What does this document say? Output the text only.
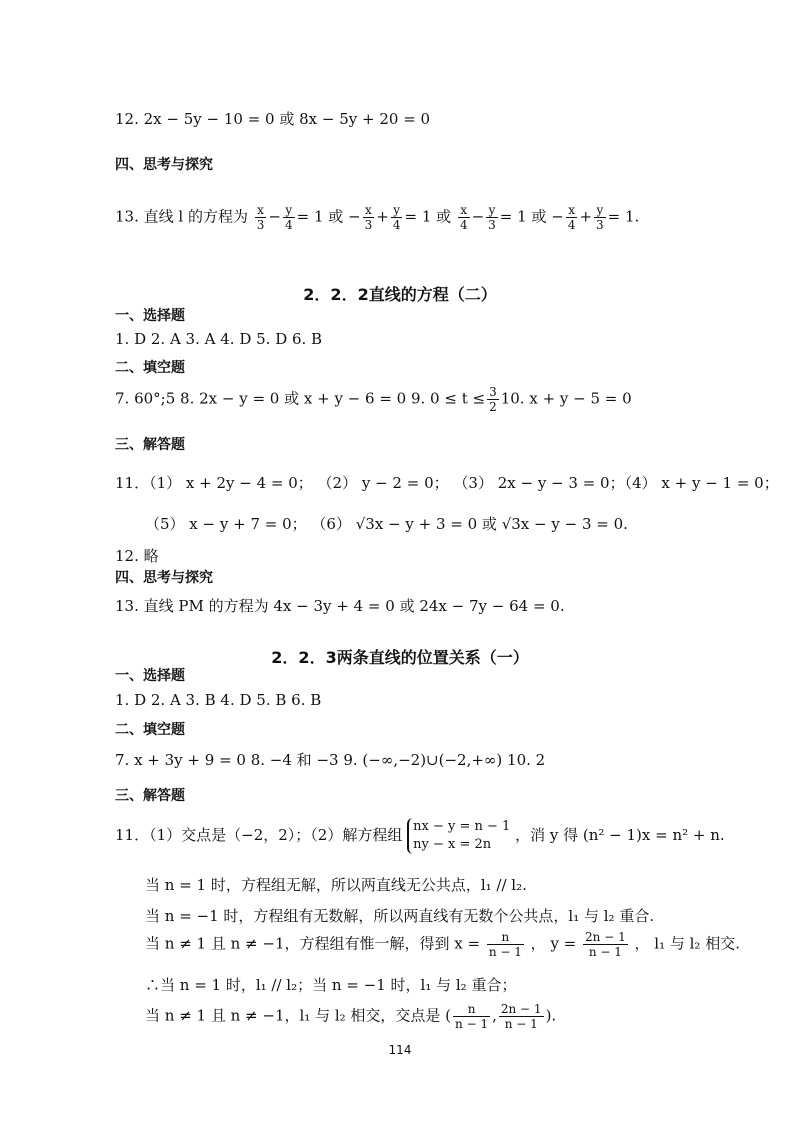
12. 2x − 5y − 10 = 0 或 8x − 5y + 20 = 0
四、思考与探究
13. 直线 l 的方程为 $\frac{x}{3} - \frac{y}{4} = 1$ 或 − $\frac{x}{3} + \frac{y}{4} = 1$ 或 $\frac{x}{4} - \frac{y}{3} = 1$ 或 − $\frac{x}{4} + \frac{y}{3} = 1$.
2．2．2直线的方程（二）
一、选择题
1. D 2. A 3. A 4. D 5. D 6. B
二、填空题
7. 60°;5 8. 2x − y = 0 或 x + y − 6 = 0 9. $0 \le t \le \frac{3}{2} 10$. x + y − 5 = 0
三、解答题
11．（1） x + 2y − 4 = 0； （2） y − 2 = 0； （3） 2x − y − 3 = 0；（4） x + y − 1 = 0；
（5） x − y + 7 = 0； （6） √3x − y + 3 = 0 或 √3x − y − 3 = 0.
12. 略
四、思考与探究
13. 直线 PM 的方程为 4x − 3y + 4 = 0 或 24x − 7y − 64 = 0.
2．2．3两条直线的位置关系（一）
一、选择题
1. D 2. A 3. B 4. D 5. B 6. B
二、填空题
7. x + 3y + 9 = 0 8. −4 和 −3 9. (−∞,−2)∪(−2,+∞) 10. 2
三、解答题
11．（1）交点是（−2，2）；（2）解方程组 nx − y = n − 1
ny − x = 2n
，消 y 得 (n² − 1)x = n² + n.
当 n = 1 时，方程组无解，所以两直线无公共点，l₁ // l₂.
当 n = −1 时，方程组有无数解，所以两直线有无数个公共点，l₁ 与 l₂ 重合.
当 n ≠ 1 且 n ≠ −1，方程组有惟一解，得到 $x = \frac{n}{n - 1}$ ， $y = \frac{2n - 1}{n - 1}$ ， l₁ 与 l₂ 相交.
∴当 n = 1 时，l₁ // l₂；当 n = −1 时，l₁ 与 l₂ 重合；
当 n ≠ 1 且 n ≠ −1，l₁ 与 l₂ 相交，交点是 ( $\frac{n}{n - 1}$ , $\frac{2n - 1}{n - 1}$ ).
114
